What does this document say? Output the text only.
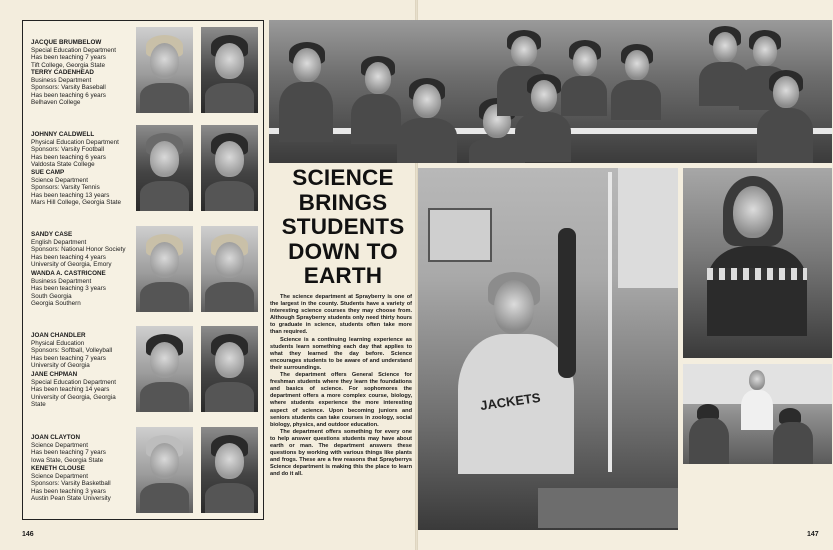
JACQUE BRUMBELOW
Special Education Department
Has been teaching 7 years
Tift College, Georgia State
TERRY CADENHEAD
Business Department
Sponsors: Varsity Baseball
Has been teaching 6 years
Belhaven College
JOHNNY CALDWELL
Physical Education Department
Sponsors: Varsity Football
Has been teaching 6 years
Valdosta State College
SUE CAMP
Science Department
Sponsors: Varsity Tennis
Has been teaching 13 years
Mars Hill College, Georgia State
SANDY CASE
English Department
Sponsors: National Honor Society
Has been teaching 4 years
University of Georgia, Emory
WANDA A. CASTRICONE
Business Department
Has been teaching 3 years
South Georgia
Georgia Southern
JOAN CHANDLER
Physical Education
Sponsors: Softball, Volleyball
Has been teaching 7 years
University of Georgia
JANE CHPMAN
Special Education Department
Has been teaching 14 years
University of Georgia, Georgia
State
JOAN CLAYTON
Science Department
Has been teaching 7 years
Iowa State, Georgia State
KENETH CLOUSE
Science Department
Sponsors: Varsity Basketball
Has been teaching 3 years
Austin Pean State University
146
SCIENCE
BRINGS
STUDENTS
DOWN TO
EARTH

The science department at Sprayberry is one of the largest in the county. Students have a variety of interesting science courses they may choose from. Although Sprayberry students only need thirty hours to graduate in science, students often take more than required.

Science is a continuing learning experience as students learn something each day that applies to what they learned the day before. Science encourages students to be aware of and understand their surroundings.

The department offers General Science for freshman students where they learn the foundations and basics of science. For sophomores the department offers a more complex course, biology, where students experience the more interesting aspect of science. Upon becoming juniors and seniors students can take courses in zoology, social biology, physics, and outdoor education.

The department offers something for every one to help answer questions students may have about earth or man. The department answers these questions by working with various things like plants and frogs. These are a few reasons that Sprayberrys Science department is making this the place to learn and do it all.

JACKETS
147
